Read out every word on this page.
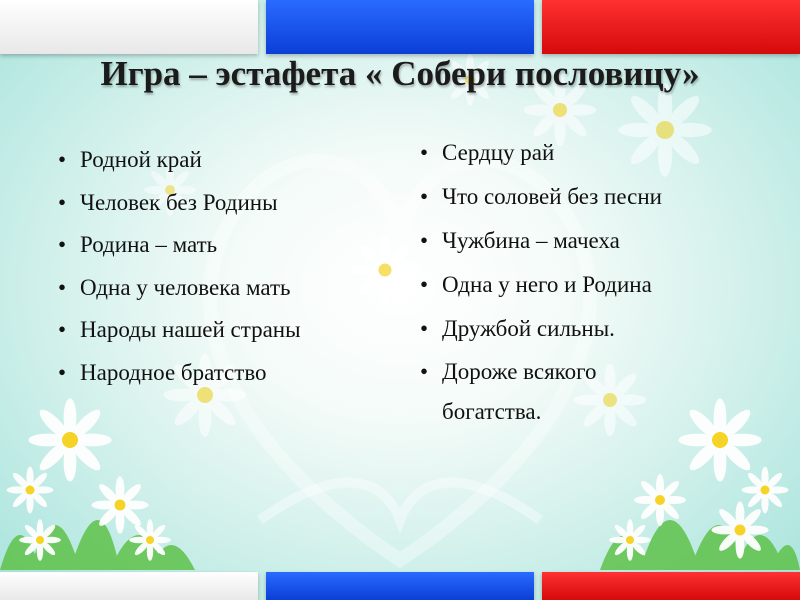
Игра – эстафета « Собери пословицу»
• Родной край
• Человек без Родины
• Родина – мать
• Одна у человека мать
• Народы нашей страны
• Народное братство
• Сердцу рай
• Что соловей без песни
• Чужбина – мачеха
• Одна у него и Родина
• Дружбой сильны.
• Дороже всякого богатства.
